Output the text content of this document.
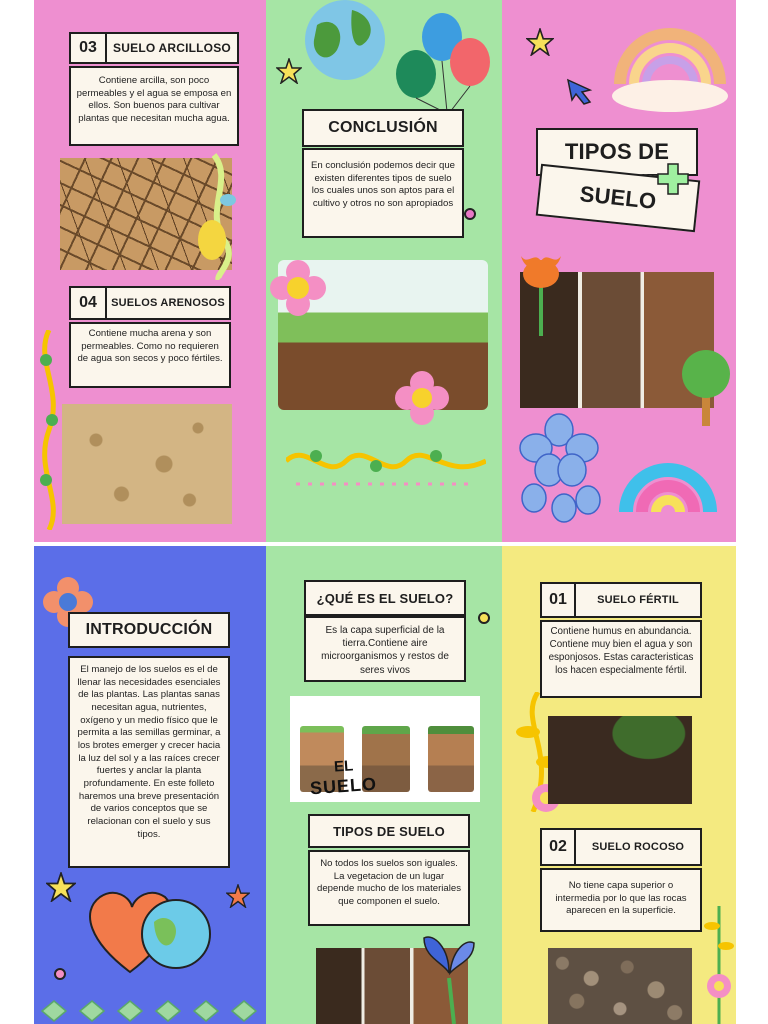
03	SUELO ARCILLOSO
Contiene arcilla, son poco permeables y el agua se emposa en ellos. Son buenos para cultivar plantas que necesitan mucha agua.
04	SUELOS ARENOSOS
Contiene mucha arena y son permeables. Como no requieren de agua son secos y poco fértiles.
CONCLUSIÓN
En conclusión podemos decir que existen diferentes tipos de suelo los cuales unos son aptos para el cultivo y otros no son apropiados
TIPOS DE
SUELO
INTRODUCCIÓN
El manejo de los suelos es el de llenar las necesidades esenciales de las plantas. Las plantas sanas necesitan agua, nutrientes, oxígeno y un medio físico que le permita a las semillas germinar, a los brotes emerger y crecer hacia la luz del sol y a las raíces crecer fuertes y anclar la planta profundamente. En este folleto haremos una breve presentación de varios conceptos que se relacionan con el suelo y sus tipos.
¿QUÉ ES EL SUELO?
Es la capa superficial de la tierra.Contiene aire microorganismos y restos de seres vivos
EL
SUELO
TIPOS DE SUELO
No todos los suelos son iguales. La vegetacion de un lugar depende mucho de los materiales que componen el suelo.
01	SUELO FÉRTIL
Contiene humus en abundancia. Contiene muy bien el agua y son esponjosos. Estas caracteristicas los hacen especialmente fértil.
02	SUELO ROCOSO
No tiene capa superior o intermedia por lo que las rocas aparecen en la superficie.
